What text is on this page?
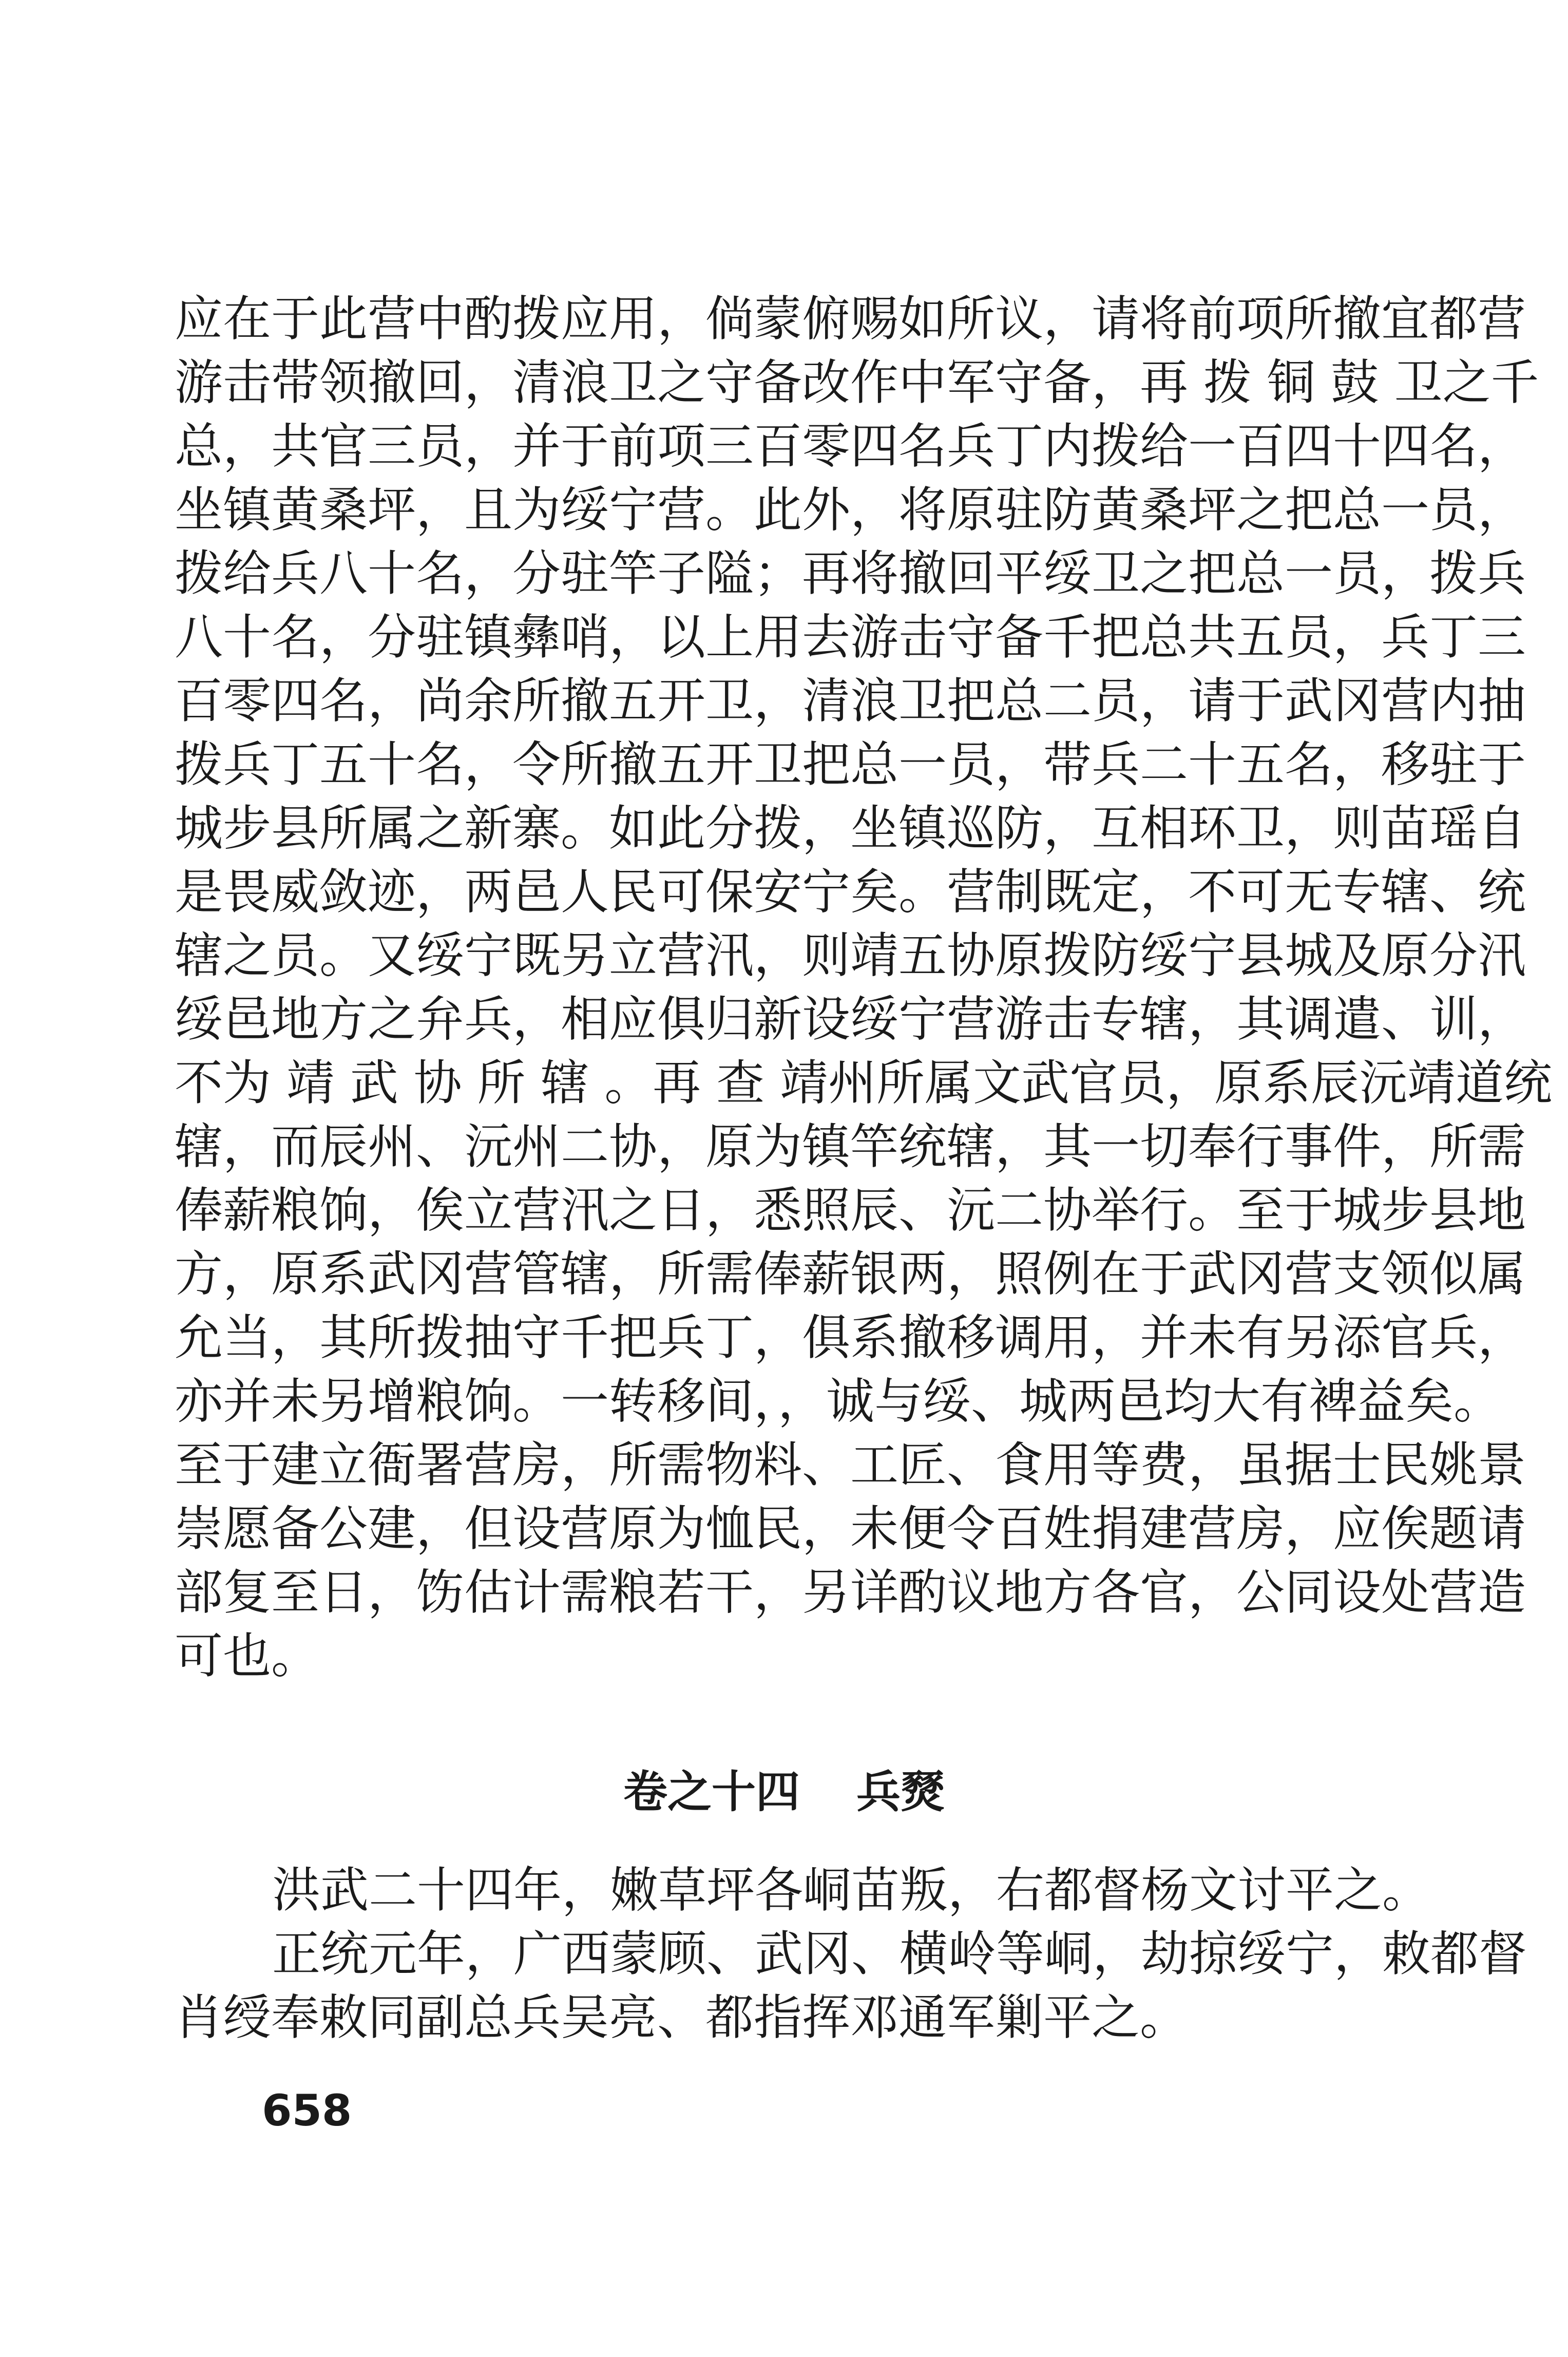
应在于此营中酌拨应用，倘蒙俯赐如所议，请将前项所撤宜都营
游击带领撤回，清浪卫之守备改作中军守备，再 拨 铜 鼓 卫之千
总，共官三员，并于前项三百零四名兵丁内拨给一百四十四名，
坐镇黄桑坪，且为绥宁营。此外，将原驻防黄桑坪之把总一员，
拨给兵八十名，分驻竿子隘；再将撤回平绥卫之把总一员，拨兵
八十名，分驻镇彝哨，以上用去游击守备千把总共五员，兵丁三
百零四名，尚余所撤五开卫，清浪卫把总二员，请于武冈营内抽
拨兵丁五十名，令所撤五开卫把总一员，带兵二十五名，移驻于
城步县所属之新寨。如此分拨，坐镇巡防，互相环卫，则苗瑶自
是畏威敛迹，两邑人民可保安宁矣。营制既定，不可无专辖、统
辖之员。又绥宁既另立营汛，则靖五协原拨防绥宁县城及原分汛
绥邑地方之弁兵，相应俱归新设绥宁营游击专辖，其调遣、训，
不为 靖 武 协 所 辖 。再 查 靖州所属文武官员，原系辰沅靖道统
辖，而辰州、沅州二协，原为镇竿统辖，其一切奉行事件，所需
俸薪粮饷，俟立营汛之日，悉照辰、沅二协举行。至于城步县地
方，原系武冈营管辖，所需俸薪银两，照例在于武冈营支领似属
允当，其所拨抽守千把兵丁，俱系撤移调用，并未有另添官兵，
亦并未另增粮饷。一转移间，，诚与绥、城两邑均大有裨益矣。
至于建立衙署营房，所需物料、工匠、食用等费，虽据士民姚景
崇愿备公建，但设营原为恤民，未便令百姓捐建营房，应俟题请
部复至日，饬估计需粮若干，另详酌议地方各官，公同设处营造
可也。
卷之十四 兵燹
洪武二十四年，嫩草坪各峒苗叛，右都督杨文讨平之。
正统元年，广西蒙顾、武冈、横岭等峒，劫掠绥宁，敕都督
肖绶奉敕同副总兵吴亮、都指挥邓通军剿平之。
658
